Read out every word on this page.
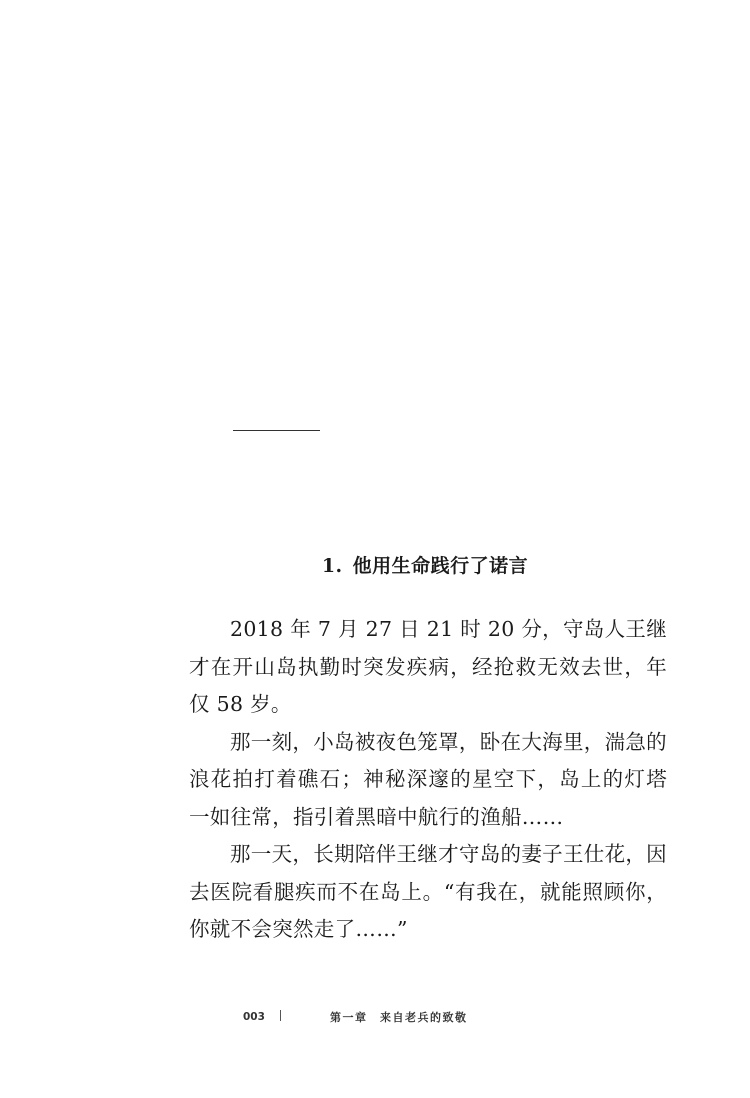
1. 他用生命践行了诺言

2018 年 7 月 27 日 21 时 20 分，守岛人王继才在开山岛执勤时突发疾病，经抢救无效去世，年仅 58 岁。

那一刻，小岛被夜色笼罩，卧在大海里，湍急的浪花拍打着礁石；神秘深邃的星空下，岛上的灯塔一如往常，指引着黑暗中航行的渔船……

那一天，长期陪伴王继才守岛的妻子王仕花，因去医院看腿疾而不在岛上。“有我在，就能照顾你，你就不会突然走了……”

003	第一章　来自老兵的致敬
